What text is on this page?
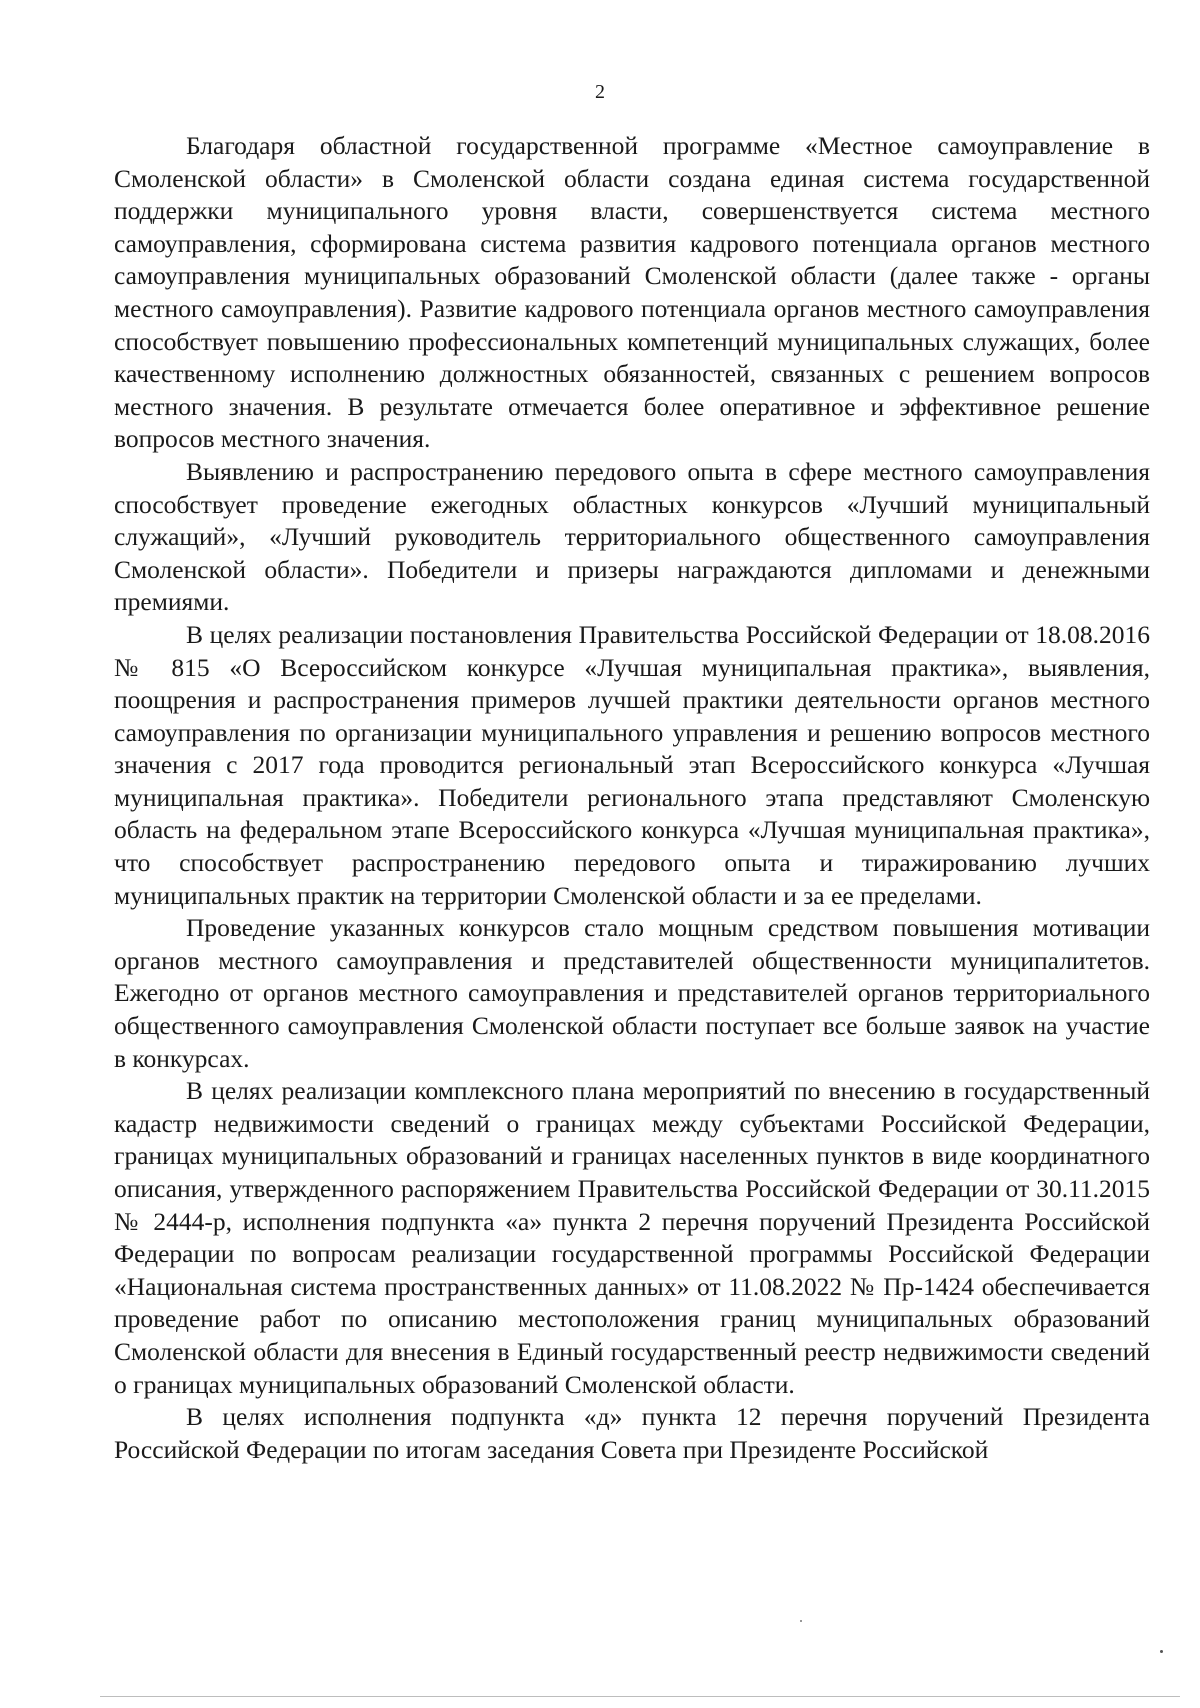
2

Благодаря областной государственной программе «Местное самоуправление в Смоленской области» в Смоленской области создана единая система государственной поддержки муниципального уровня власти, совершенствуется система местного самоуправления, сформирована система развития кадрового потенциала органов местного самоуправления муниципальных образований Смоленской области (далее также - органы местного самоуправления). Развитие кадрового потенциала органов местного самоуправления способствует повышению профессиональных компетенций муниципальных служащих, более качественному исполнению должностных обязанностей, связанных с решением вопросов местного значения. В результате отмечается более оперативное и эффективное решение вопросов местного значения.

Выявлению и распространению передового опыта в сфере местного самоуправления способствует проведение ежегодных областных конкурсов «Лучший муниципальный служащий», «Лучший руководитель территориального общественного самоуправления Смоленской области». Победители и призеры награждаются дипломами и денежными премиями.

В целях реализации постановления Правительства Российской Федерации от 18.08.2016 № 815 «О Всероссийском конкурсе «Лучшая муниципальная практика», выявления, поощрения и распространения примеров лучшей практики деятельности органов местного самоуправления по организации муниципального управления и решению вопросов местного значения с 2017 года проводится региональный этап Всероссийского конкурса «Лучшая муниципальная практика». Победители регионального этапа представляют Смоленскую область на федеральном этапе Всероссийского конкурса «Лучшая муниципальная практика», что способствует распространению передового опыта и тиражированию лучших муниципальных практик на территории Смоленской области и за ее пределами.

Проведение указанных конкурсов стало мощным средством повышения мотивации органов местного самоуправления и представителей общественности муниципалитетов. Ежегодно от органов местного самоуправления и представителей органов территориального общественного самоуправления Смоленской области поступает все больше заявок на участие в конкурсах.

В целях реализации комплексного плана мероприятий по внесению в государственный кадастр недвижимости сведений о границах между субъектами Российской Федерации, границах муниципальных образований и границах населенных пунктов в виде координатного описания, утвержденного распоряжением Правительства Российской Федерации от 30.11.2015 № 2444-р, исполнения подпункта «а» пункта 2 перечня поручений Президента Российской Федерации по вопросам реализации государственной программы Российской Федерации «Национальная система пространственных данных» от 11.08.2022 № Пр-1424 обеспечивается проведение работ по описанию местоположения границ муниципальных образований Смоленской области для внесения в Единый государственный реестр недвижимости сведений о границах муниципальных образований Смоленской области.

В целях исполнения подпункта «д» пункта 12 перечня поручений Президента Российской Федерации по итогам заседания Совета при Президенте Российской
